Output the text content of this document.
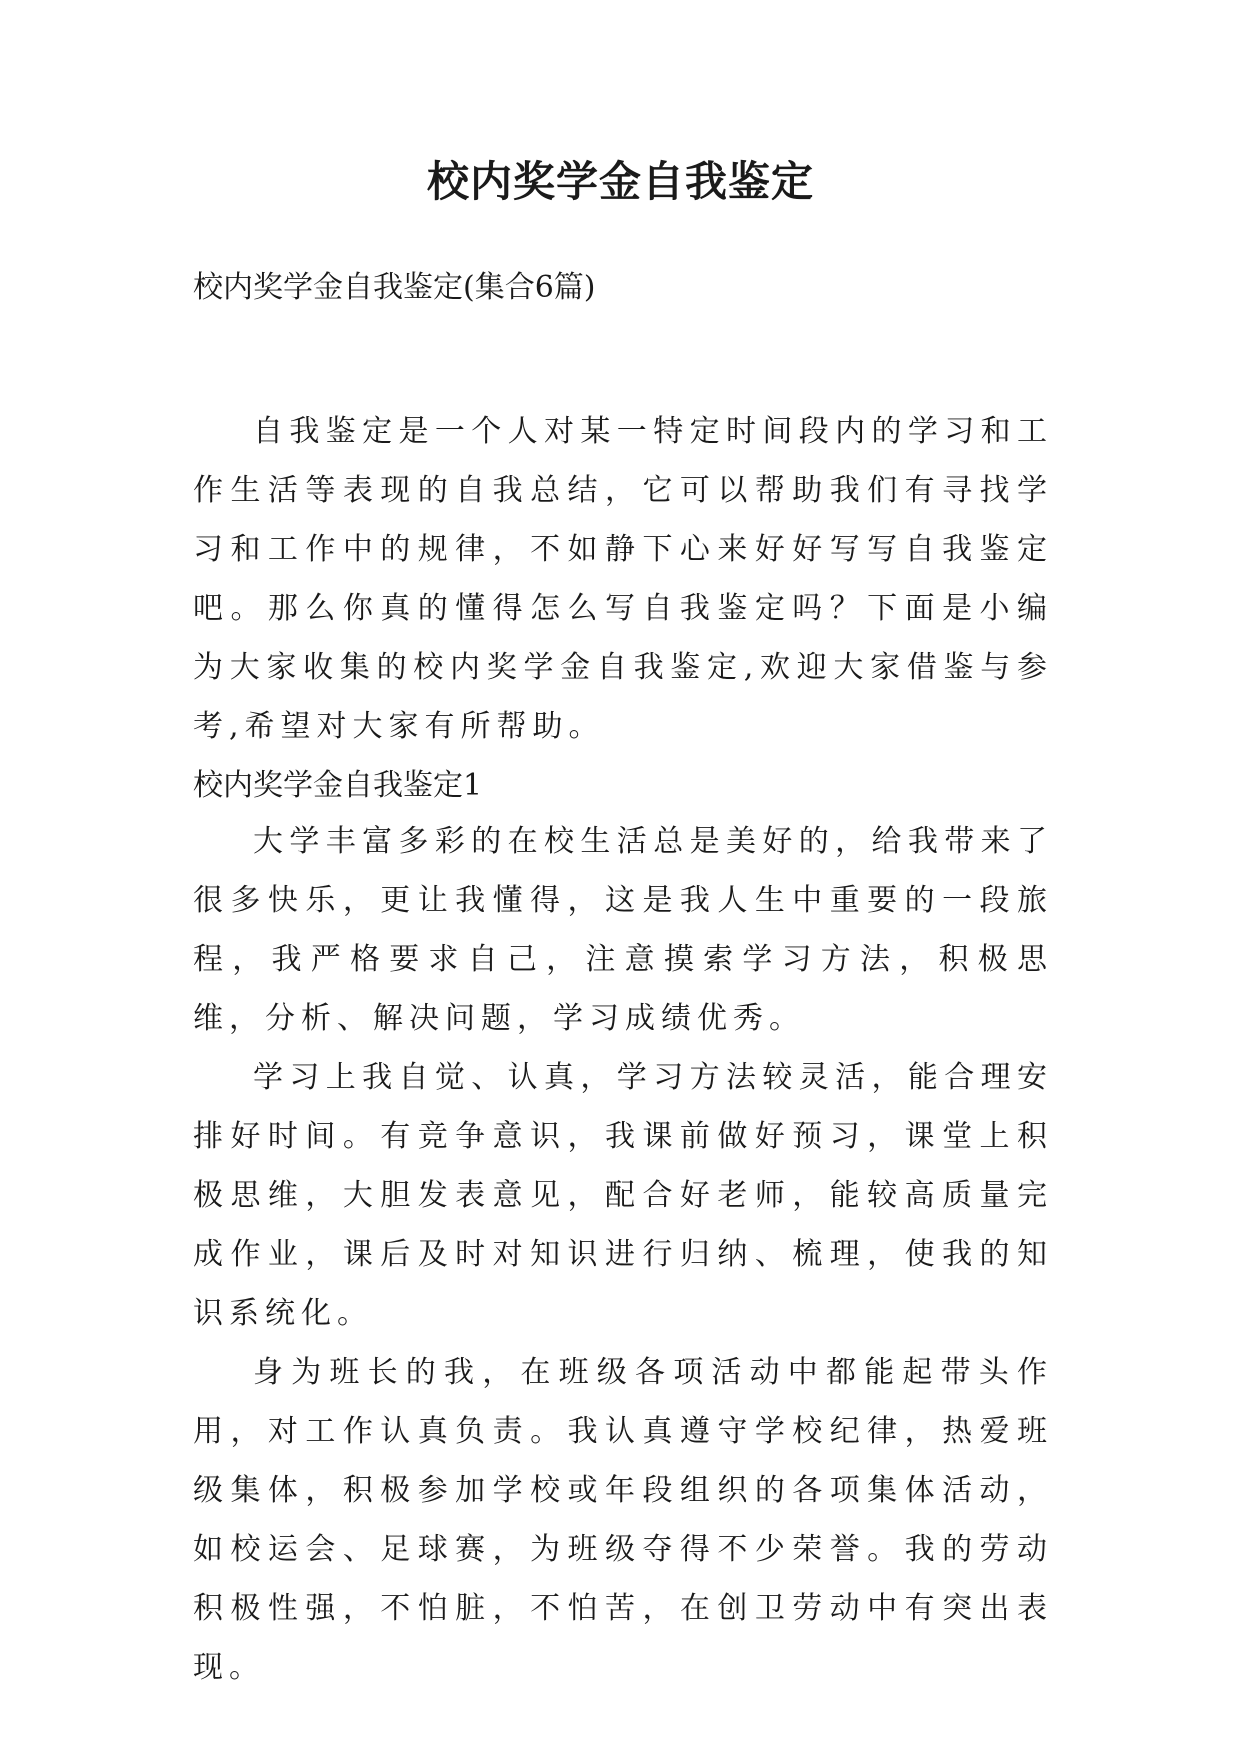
校内奖学金自我鉴定
校内奖学金自我鉴定(集合6篇)

自我鉴定是一个人对某一特定时间段内的学习和工作生活等表现的自我总结，它可以帮助我们有寻找学习和工作中的规律，不如静下心来好好写写自我鉴定吧。那么你真的懂得怎么写自我鉴定吗？下面是小编为大家收集的校内奖学金自我鉴定,欢迎大家借鉴与参考,希望对大家有所帮助。

校内奖学金自我鉴定1

大学丰富多彩的在校生活总是美好的，给我带来了很多快乐，更让我懂得，这是我人生中重要的一段旅程，我严格要求自己，注意摸索学习方法，积极思维，分析、解决问题，学习成绩优秀。

学习上我自觉、认真，学习方法较灵活，能合理安排好时间。有竞争意识，我课前做好预习，课堂上积极思维，大胆发表意见，配合好老师，能较高质量完成作业，课后及时对知识进行归纳、梳理，使我的知识系统化。

身为班长的我，在班级各项活动中都能起带头作用，对工作认真负责。我认真遵守学校纪律，热爱班级集体，积极参加学校或年段组织的各项集体活动，如校运会、足球赛，为班级夺得不少荣誉。我的劳动积极性强，不怕脏，不怕苦，在创卫劳动中有突出表现。
